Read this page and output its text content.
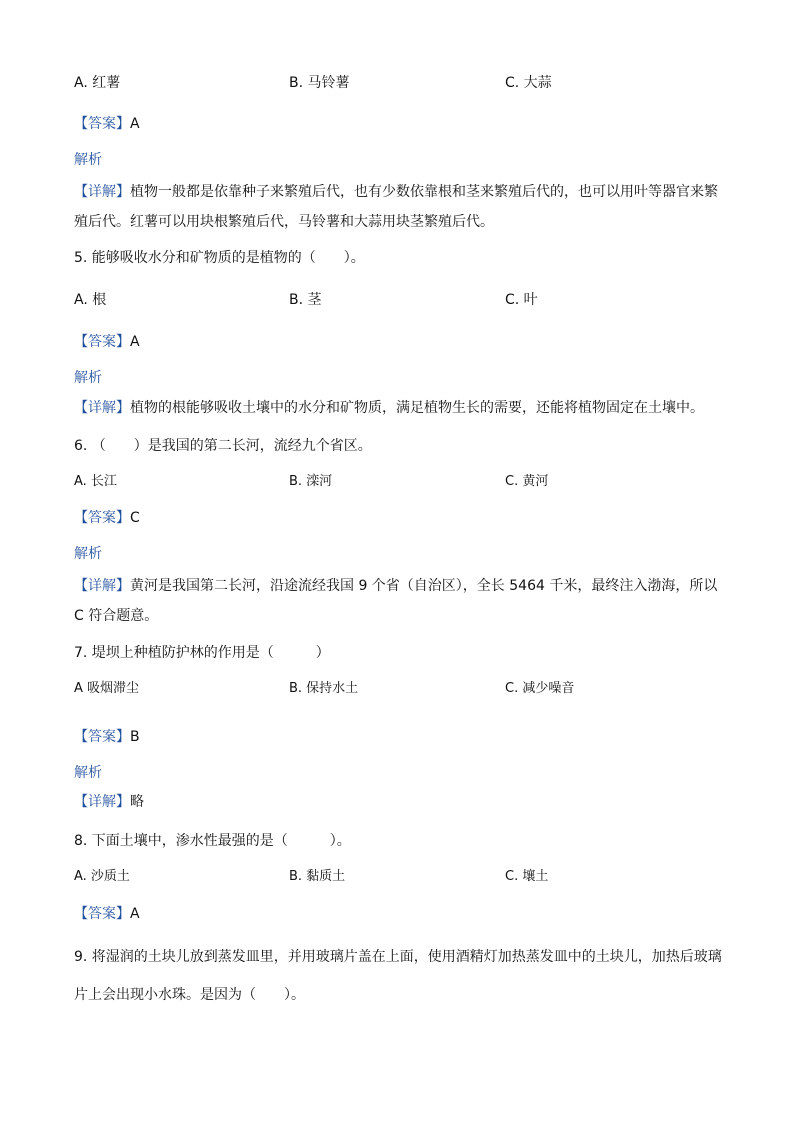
A. 红薯	B. 马铃薯	C. 大蒜
【答案】A
解析
【详解】植物一般都是依靠种子来繁殖后代，也有少数依靠根和茎来繁殖后代的，也可以用叶等器官来繁殖后代。红薯可以用块根繁殖后代，马铃薯和大蒜用块茎繁殖后代。
5. 能够吸收水分和矿物质的是植物的（　　）。
A. 根	B. 茎	C. 叶
【答案】A
解析
【详解】植物的根能够吸收土壤中的水分和矿物质，满足植物生长的需要，还能将植物固定在土壤中。
6. （　　）是我国的第二长河，流经九个省区。
A. 长江	B. 滦河	C. 黄河
【答案】C
解析
【详解】黄河是我国第二长河，沿途流经我国 9 个省（自治区），全长 5464 千米，最终注入渤海，所以 C 符合题意。
7. 堤坝上种植防护林的作用是（　　　）
A 吸烟滞尘	B. 保持水土	C. 减少噪音
【答案】B
解析
【详解】略
8. 下面土壤中，渗水性最强的是（　　　）。
A. 沙质土	B. 黏质土	C. 壤土
【答案】A
9. 将湿润的土块儿放到蒸发皿里，并用玻璃片盖在上面，使用酒精灯加热蒸发皿中的土块儿，加热后玻璃片上会出现小水珠。是因为（　　）。
